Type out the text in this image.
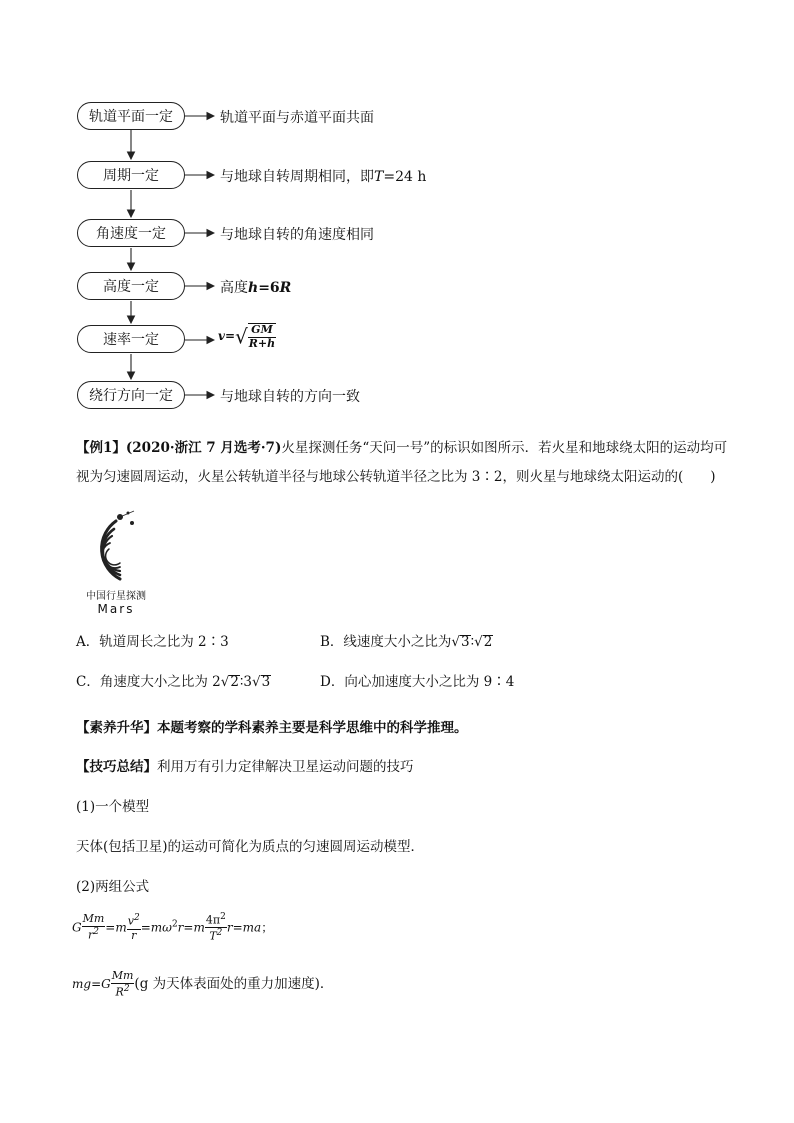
轨道平面一定
周期一定
角速度一定
高度一定
速率一定
绕行方向一定
轨道平面与赤道平面共面
与地球自转周期相同，即T=24 h
与地球自转的角速度相同
高度h=6R
$v=√ \frac{GM}{R+h}$
与地球自转的方向一致
【例1】(2020·浙江 7 月选考·7)火星探测任务“天问一号”的标识如图所示．若火星和地球绕太阳的运动均可
视为匀速圆周运动，火星公转轨道半径与地球公转轨道半径之比为 3∶2，则火星与地球绕太阳运动的(　　)
中国行星探测
Mars
A．轨道周长之比为 2∶3	B．线速度大小之比为√3∶√2
C．角速度大小之比为 2√2∶3√3	D．向心加速度大小之比为 9∶4
【素养升华】本题考察的学科素养主要是科学思维中的科学推理。
【技巧总结】利用万有引力定律解决卫星运动问题的技巧
(1)一个模型
天体(包括卫星)的运动可简化为质点的匀速圆周运动模型．
(2)两组公式
G $\frac{Mm}{r^2} =m \frac{v^2}{r} =m\omega^2r=m \frac{4\pi^2}{T^2} r=ma$；
$mg=G \frac{Mm}{R^2} (g$ 为天体表面处的重力加速度)．
